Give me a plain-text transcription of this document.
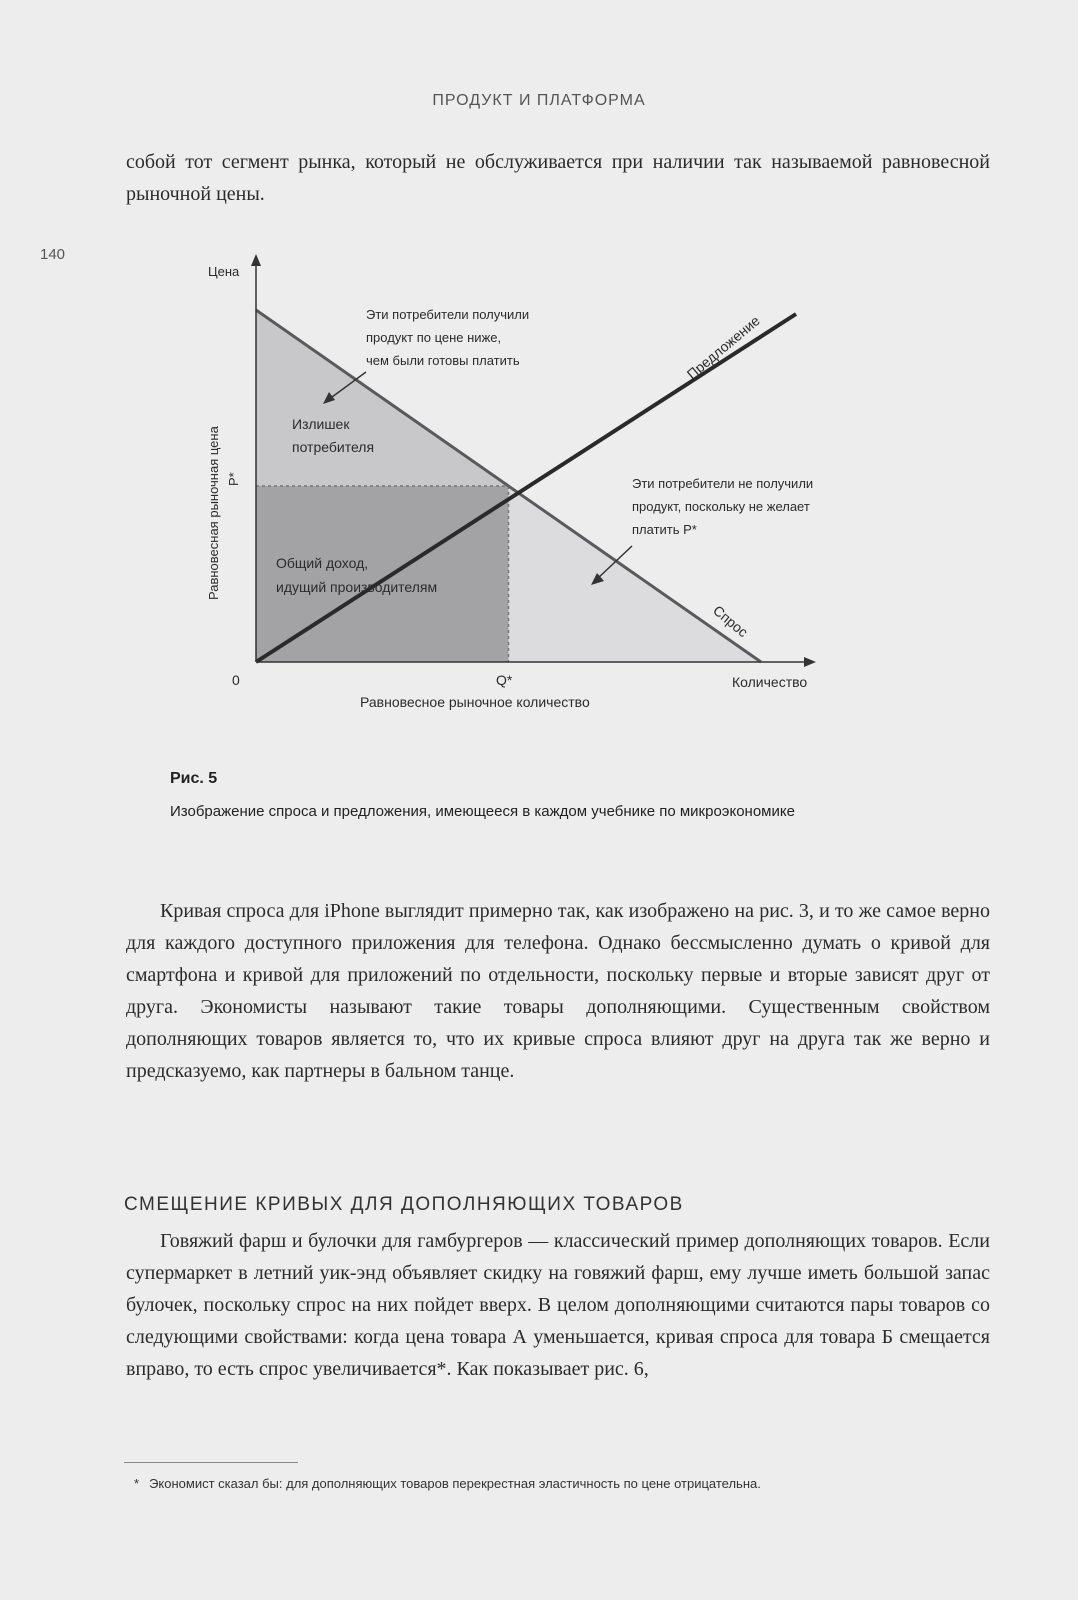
ПРОДУКТ И ПЛАТФОРМА
140

собой тот сегмент рынка, который не обслуживается при наличии так называемой равновесной рыночной цены.

Цена
Количество
0	Q*
Равновесное рыночное количество
Равновесная рыночная цена P*
Излишек
потребителя
Общий доход,
идущий производителям
Эти потребители получили
продукт по цене ниже,
чем были готовы платить
Эти потребители не получили
продукт, поскольку не желает
платить P*
Предложение
Спрос
Рис. 5
Изображение спроса и предложения, имеющееся в каждом учебнике по микроэкономике

Кривая спроса для iPhone выглядит примерно так, как изображено на рис. 3, и то же самое верно для каждого доступного приложения для телефона. Однако бессмысленно думать о кривой для смартфона и кривой для приложений по отдельности, поскольку первые и вторые зависят друг от друга. Экономисты называют такие товары дополняющими. Существенным свойством дополняющих товаров является то, что их кривые спроса влияют друг на друга так же верно и предсказуемо, как партнеры в бальном танце.

СМЕЩЕНИЕ КРИВЫХ ДЛЯ ДОПОЛНЯЮЩИХ ТОВАРОВ

Говяжий фарш и булочки для гамбургеров — классический пример дополняющих товаров. Если супермаркет в летний уик-энд объявляет скидку на говяжий фарш, ему лучше иметь большой запас булочек, поскольку спрос на них пойдет вверх. В целом дополняющими считаются пары товаров со следующими свойствами: когда цена товара А уменьшается, кривая спроса для товара Б смещается вправо, то есть спрос увеличивается*. Как показывает рис. 6,

* Экономист сказал бы: для дополняющих товаров перекрестная эластичность по цене отрицательна.
